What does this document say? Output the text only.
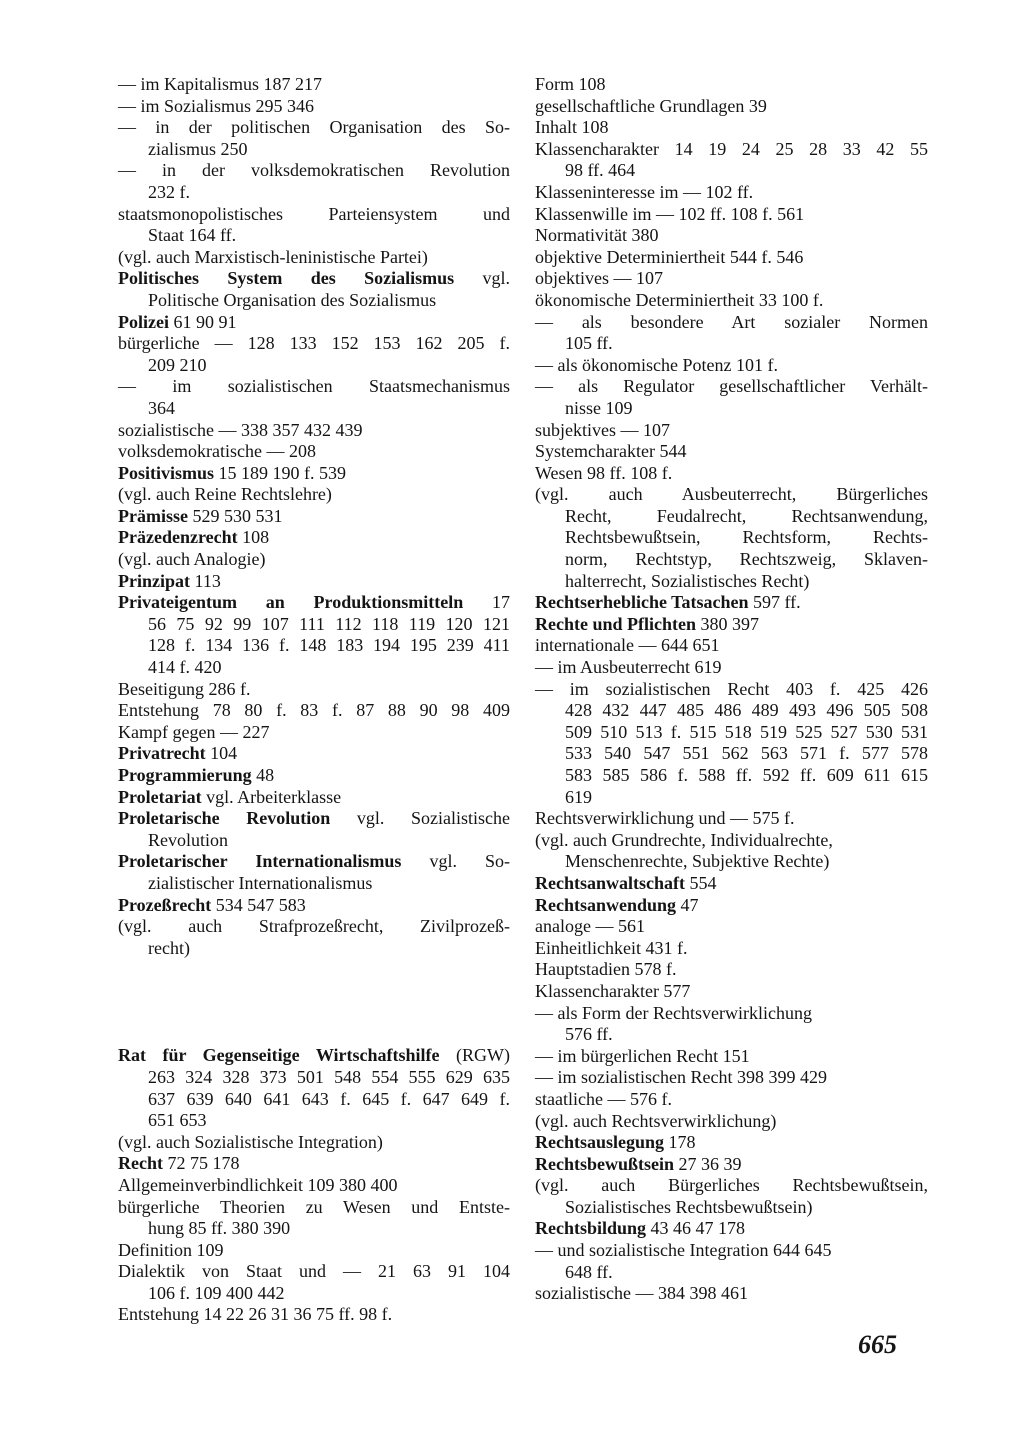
— im Kapitalismus 187 217
— im Sozialismus 295 346
— in der politischen Organisation des So-
zialismus 250
— in der volksdemokratischen Revolution
232 f.
staatsmonopolistisches Parteiensystem und
Staat 164 ff.
(vgl. auch Marxistisch-leninistische Partei)
Politisches System des Sozialismus vgl.
Politische Organisation des Sozialismus
Polizei 61 90 91
bürgerliche — 128 133 152 153 162 205 f.
209 210
— im sozialistischen Staatsmechanismus
364
sozialistische — 338 357 432 439
volksdemokratische — 208
Positivismus 15 189 190 f. 539
(vgl. auch Reine Rechtslehre)
Prämisse 529 530 531
Präzedenzrecht 108
(vgl. auch Analogie)
Prinzipat 113
Privateigentum an Produktionsmitteln 17
56 75 92 99 107 111 112 118 119 120 121
128 f. 134 136 f. 148 183 194 195 239 411
414 f. 420
Beseitigung 286 f.
Entstehung 78 80 f. 83 f. 87 88 90 98 409
Kampf gegen — 227
Privatrecht 104
Programmierung 48
Proletariat vgl. Arbeiterklasse
Proletarische Revolution vgl. Sozialistische
Revolution
Proletarischer Internationalismus vgl. So-
zialistischer Internationalismus
Prozeßrecht 534 547 583
(vgl. auch Strafprozeßrecht, Zivilprozeß-
recht)
Rat für Gegenseitige Wirtschaftshilfe (RGW)
263 324 328 373 501 548 554 555 629 635
637 639 640 641 643 f. 645 f. 647 649 f.
651 653
(vgl. auch Sozialistische Integration)
Recht 72 75 178
Allgemeinverbindlichkeit 109 380 400
bürgerliche Theorien zu Wesen und Entste-
hung 85 ff. 380 390
Definition 109
Dialektik von Staat und — 21 63 91 104
106 f. 109 400 442
Entstehung 14 22 26 31 36 75 ff. 98 f.
Form 108
gesellschaftliche Grundlagen 39
Inhalt 108
Klassencharakter 14 19 24 25 28 33 42 55
98 ff. 464
Klasseninteresse im — 102 ff.
Klassenwille im — 102 ff. 108 f. 561
Normativität 380
objektive Determiniertheit 544 f. 546
objektives — 107
ökonomische Determiniertheit 33 100 f.
— als besondere Art sozialer Normen
105 ff.
— als ökonomische Potenz 101 f.
— als Regulator gesellschaftlicher Verhält-
nisse 109
subjektives — 107
Systemcharakter 544
Wesen 98 ff. 108 f.
(vgl. auch Ausbeuterrecht, Bürgerliches
Recht, Feudalrecht, Rechtsanwendung,
Rechtsbewußtsein, Rechtsform, Rechts-
norm, Rechtstyp, Rechtszweig, Sklaven-
halterrecht, Sozialistisches Recht)
Rechtserhebliche Tatsachen 597 ff.
Rechte und Pflichten 380 397
internationale — 644 651
— im Ausbeuterrecht 619
— im sozialistischen Recht 403 f. 425 426
428 432 447 485 486 489 493 496 505 508
509 510 513 f. 515 518 519 525 527 530 531
533 540 547 551 562 563 571 f. 577 578
583 585 586 f. 588 ff. 592 ff. 609 611 615
619
Rechtsverwirklichung und — 575 f.
(vgl. auch Grundrechte, Individualrechte,
Menschenrechte, Subjektive Rechte)
Rechtsanwaltschaft 554
Rechtsanwendung 47
analoge — 561
Einheitlichkeit 431 f.
Hauptstadien 578 f.
Klassencharakter 577
— als Form der Rechtsverwirklichung
576 ff.
— im bürgerlichen Recht 151
— im sozialistischen Recht 398 399 429
staatliche — 576 f.
(vgl. auch Rechtsverwirklichung)
Rechtsauslegung 178
Rechtsbewußtsein 27 36 39
(vgl. auch Bürgerliches Rechtsbewußtsein,
Sozialistisches Rechtsbewußtsein)
Rechtsbildung 43 46 47 178
— und sozialistische Integration 644 645
648 ff.
sozialistische — 384 398 461
665
